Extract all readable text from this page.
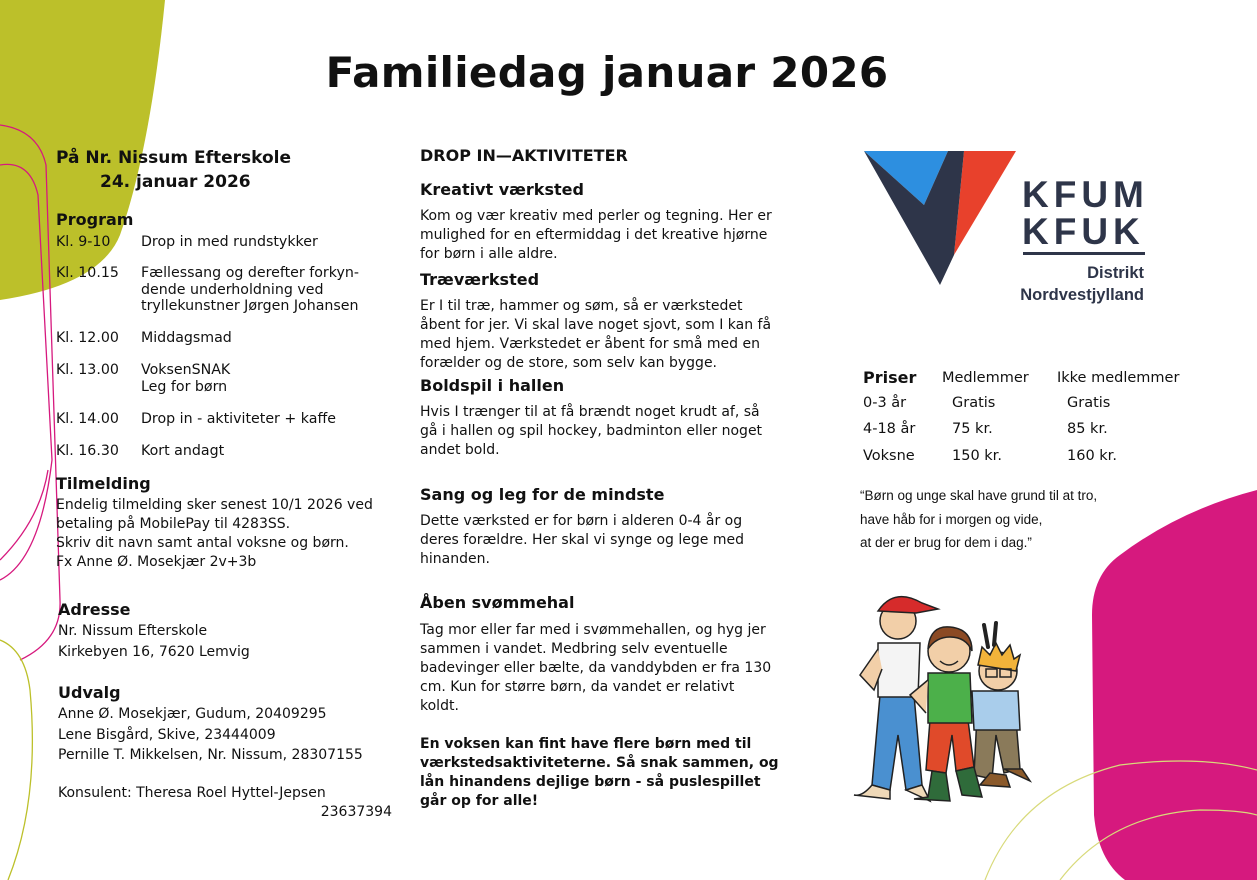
Familiedag januar 2026
På Nr. Nissum Efterskole

24. januar 2026
Program
Kl. 9-10	Drop in med rundstykker
Kl. 10.15	Fællessang og derefter forkyn-
dende underholdning ved
tryllekunstner Jørgen Johansen
Kl. 12.00	Middagsmad
Kl. 13.00	VoksenSNAK
Leg for børn
Kl. 14.00	Drop in - aktiviteter + kaffe
Kl. 16.30	Kort andagt
Tilmelding
Endelig tilmelding sker senest 10/1 2026 ved
betaling på MobilePay til 4283SS.
Skriv dit navn samt antal voksne og børn.
Fx Anne Ø. Mosekjær 2v+3b
Adresse
Nr. Nissum Efterskole
Kirkebyen 16, 7620 Lemvig
Udvalg
Anne Ø. Mosekjær, Gudum, 20409295
Lene Bisgård, Skive, 23444009
Pernille T. Mikkelsen, Nr. Nissum, 28307155
Konsulent: Theresa Roel Hyttel-Jepsen
23637394
DROP IN—AKTIVITETER
Kreativt værksted
Kom og vær kreativ med perler og tegning. Her er
mulighed for en eftermiddag i det kreative hjørne
for børn i alle aldre.
Træværksted
Er I til træ, hammer og søm, så er værkstedet
åbent for jer. Vi skal lave noget sjovt, som I kan få
med hjem. Værkstedet er åbent for små med en
forælder og de store, som selv kan bygge.
Boldspil i hallen
Hvis I trænger til at få brændt noget krudt af, så
gå i hallen og spil hockey, badminton eller noget
andet bold.
Sang og leg for de mindste
Dette værksted er for børn i alderen 0-4 år og
deres forældre. Her skal vi synge og lege med
hinanden.
Åben svømmehal
Tag mor eller far med i svømmehallen, og hyg jer
sammen i vandet. Medbring selv eventuelle
badevinger eller bælte, da vanddybden er fra 130
cm. Kun for større børn, da vandet er relativt
koldt.
En voksen kan fint have flere børn med til
værkstedsaktiviteterne. Så snak sammen, og
lån hinandens dejlige børn - så puslespillet
går op for alle!
KFUM
KFUK
Distrikt
Nordvestjylland
Priser Medlemmer Ikke medlemmer
0-3 år	Gratis	Gratis
4-18 år	75 kr.	85 kr.
Voksne	150 kr.	160 kr.
“Børn og unge skal have grund til at tro,
have håb for i morgen og vide,
at der er brug for dem i dag.”
